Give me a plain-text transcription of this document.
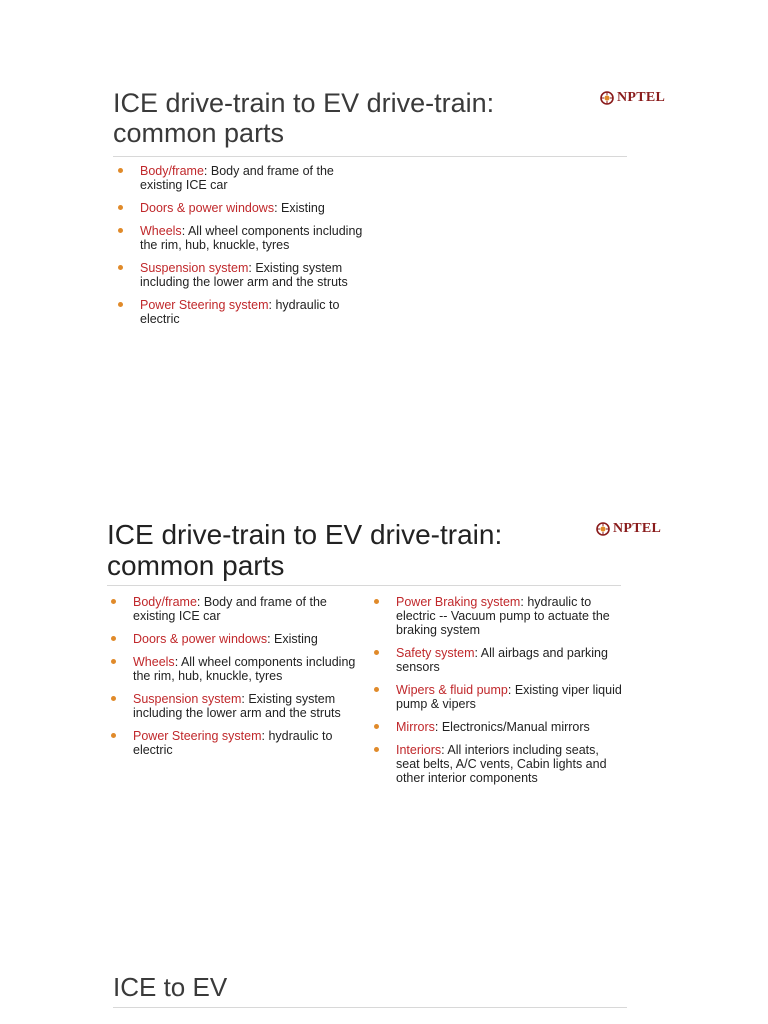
ICE drive-train to EV drive-train:
common parts
NPTEL
Body/frame: Body and frame of the existing ICE car
Doors & power windows: Existing
Wheels: All wheel components including the rim, hub, knuckle, tyres
Suspension system: Existing system including the lower arm and the struts
Power Steering system: hydraulic to electric
ICE drive-train to EV drive-train:
common parts
NPTEL
Body/frame: Body and frame of the existing ICE car
Doors & power windows: Existing
Wheels: All wheel components including the rim, hub, knuckle, tyres
Suspension system: Existing system including the lower arm and the struts
Power Steering system: hydraulic to electric
Power Braking system: hydraulic to electric -- Vacuum pump to actuate the braking system
Safety system: All airbags and parking sensors
Wipers & fluid pump: Existing viper liquid pump & vipers
Mirrors: Electronics/Manual mirrors
Interiors: All interiors including seats, seat belts, A/C vents, Cabin lights and other interior components
ICE to EV
